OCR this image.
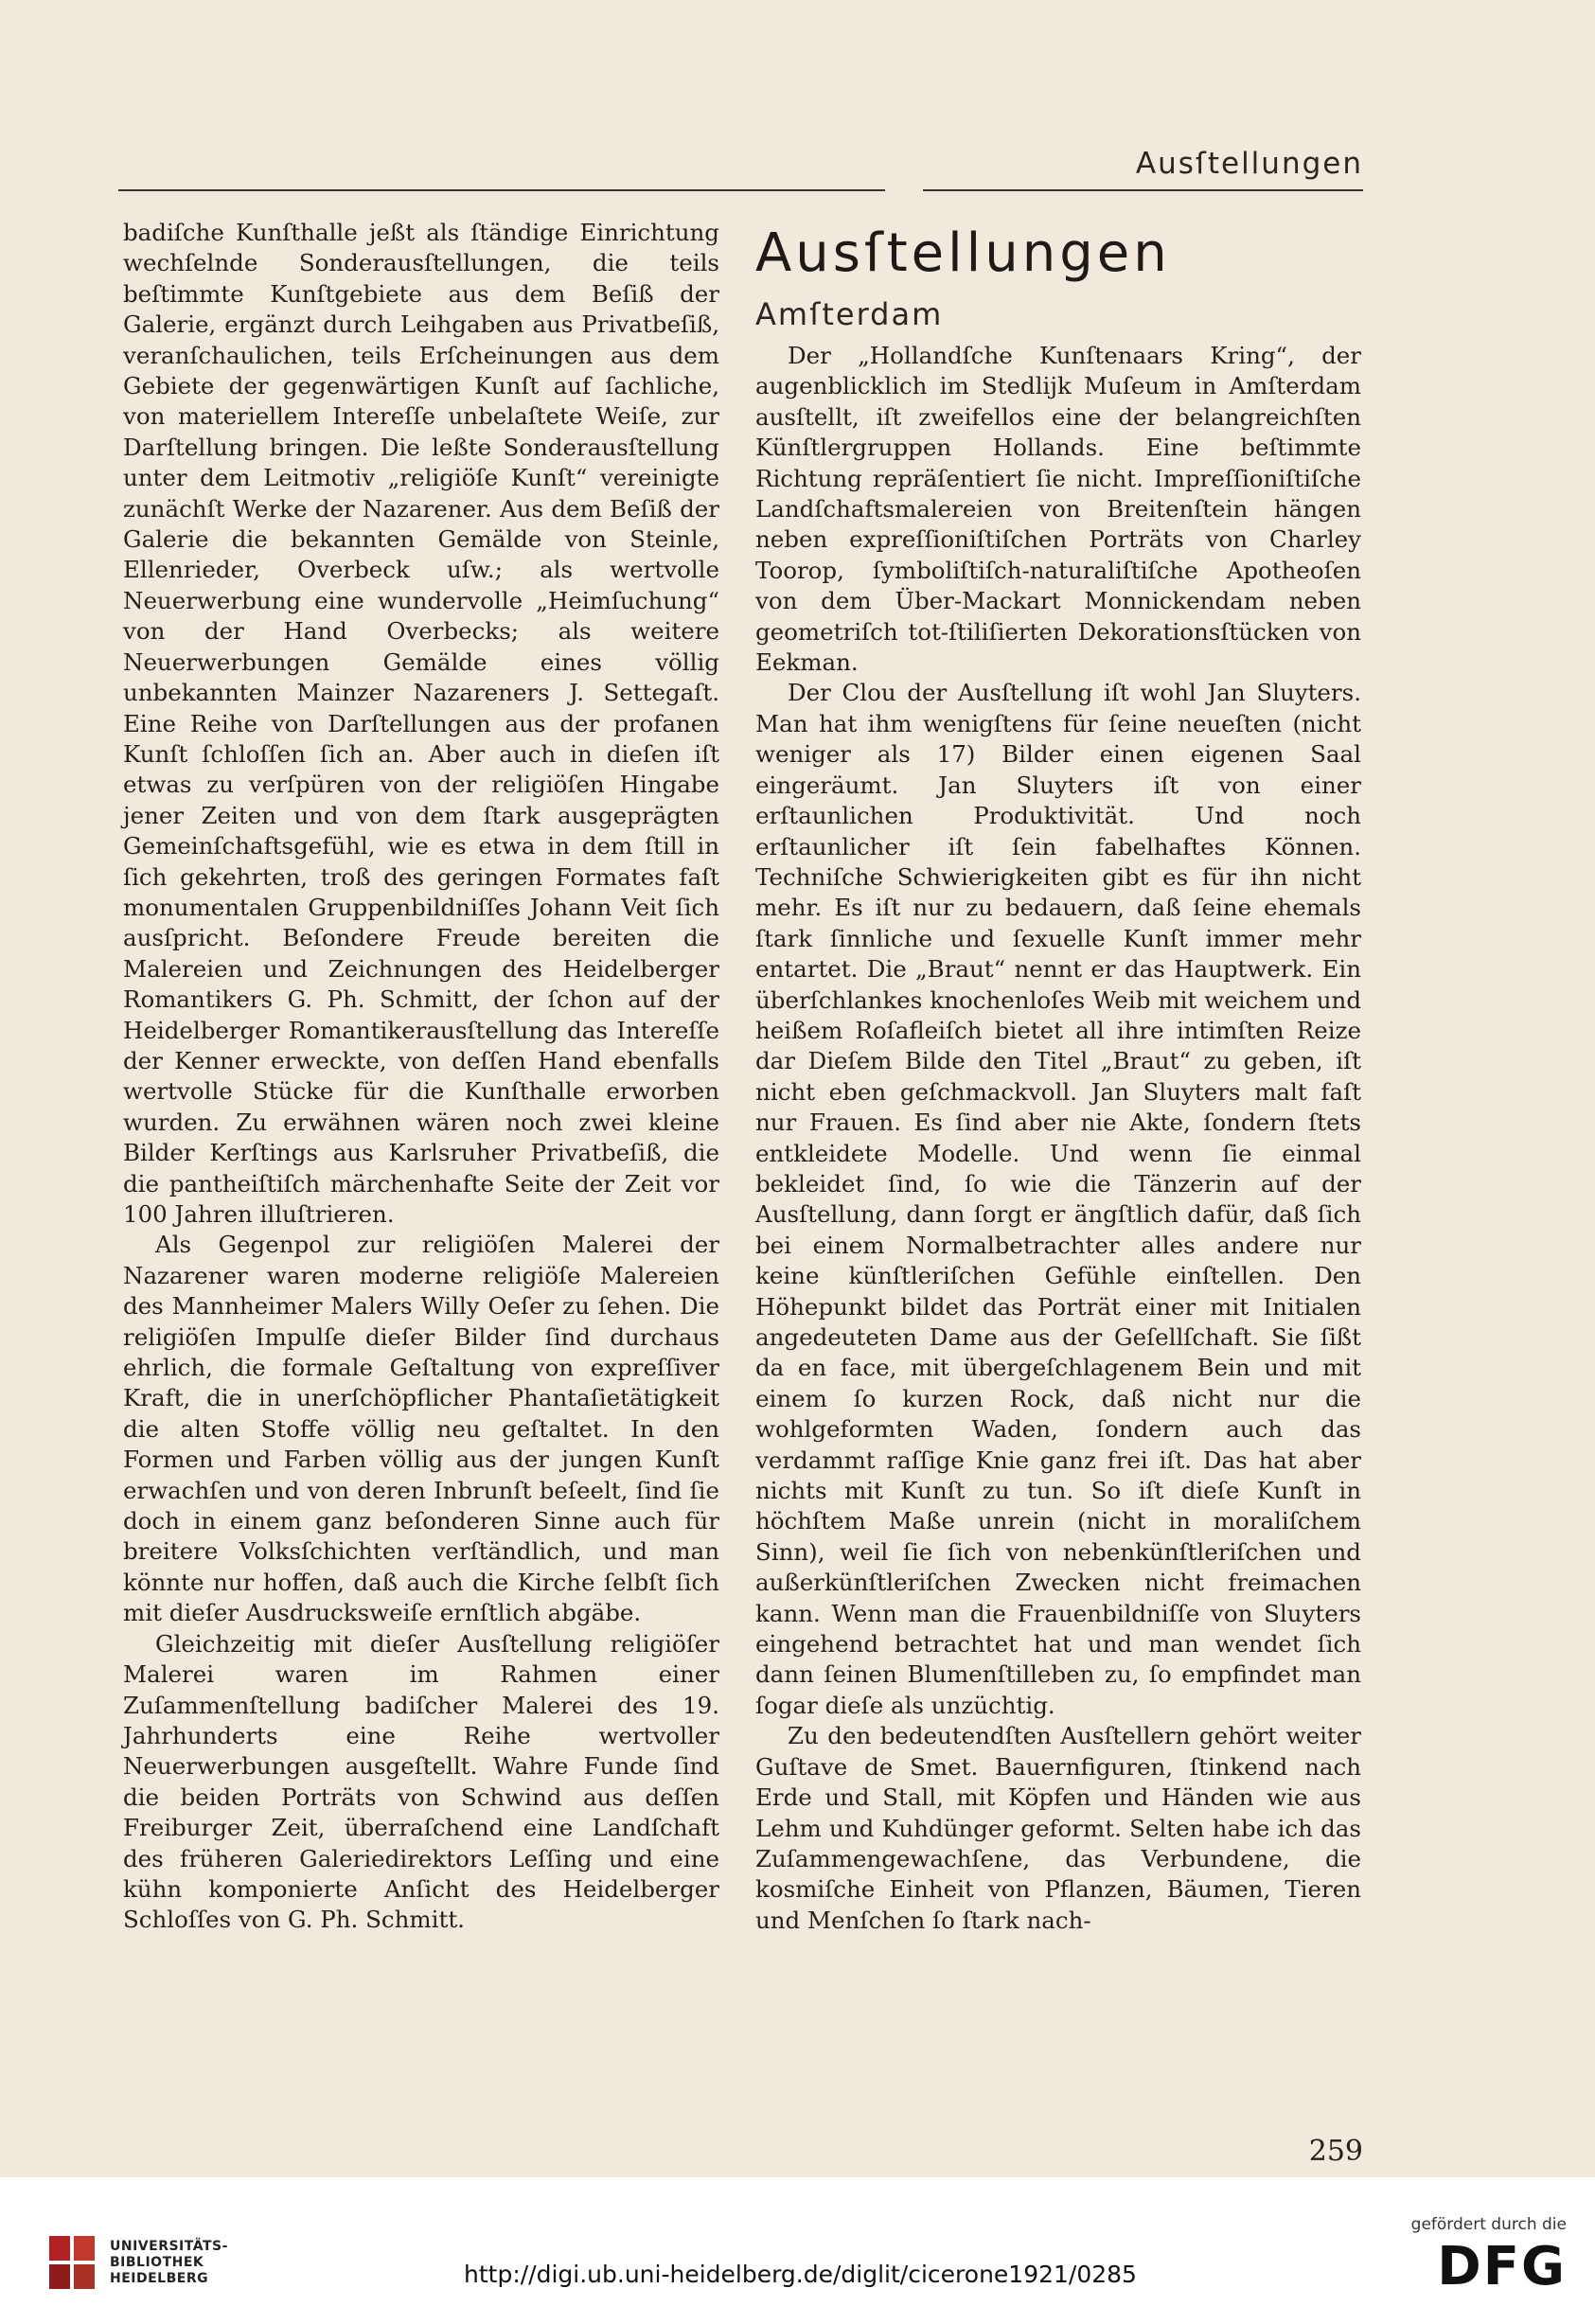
Ausſtellungen

badiſche Kunſthalle jeßt als ſtändige Einrichtung wechſelnde Sonderausſtellungen, die teils beſtimmte Kunſtgebiete aus dem Beſiß der Galerie, ergänzt durch Leihgaben aus Privatbeſiß, veranſchaulichen, teils Erſcheinungen aus dem Gebiete der gegenwärtigen Kunſt auf ſachliche, von materiellem Intereſſe unbelaſtete Weiſe, zur Darſtellung bringen. Die leßte Sonderausſtellung unter dem Leitmotiv „religiöſe Kunſt“ vereinigte zunächſt Werke der Nazarener. Aus dem Beſiß der Galerie die bekannten Gemälde von Steinle, Ellenrieder, Overbeck uſw.; als wertvolle Neuerwerbung eine wundervolle „Heimſuchung“ von der Hand Overbecks; als weitere Neuerwerbungen Gemälde eines völlig unbekannten Mainzer Nazareners J. Settegaſt. Eine Reihe von Darſtellungen aus der profanen Kunſt ſchloſſen ſich an. Aber auch in dieſen iſt etwas zu verſpüren von der religiöſen Hingabe jener Zeiten und von dem ſtark ausgeprägten Gemeinſchaftsgefühl, wie es etwa in dem ſtill in ſich gekehrten, troß des geringen Formates faſt monumentalen Gruppenbildniſſes Johann Veit ſich ausſpricht. Beſondere Freude bereiten die Malereien und Zeichnungen des Heidelberger Romantikers G. Ph. Schmitt, der ſchon auf der Heidelberger Romantikerausſtellung das Intereſſe der Kenner erweckte, von deſſen Hand ebenfalls wertvolle Stücke für die Kunſthalle erworben wurden. Zu erwähnen wären noch zwei kleine Bilder Kerſtings aus Karlsruher Privatbeſiß, die die pantheiſtiſch märchenhafte Seite der Zeit vor 100 Jahren illuſtrieren.

Als Gegenpol zur religiöſen Malerei der Nazarener waren moderne religiöſe Malereien des Mannheimer Malers Willy Oeſer zu ſehen. Die religiöſen Impulſe dieſer Bilder ſind durchaus ehrlich, die formale Geſtaltung von expreſſiver Kraft, die in unerſchöpflicher Phantaſietätigkeit die alten Stoffe völlig neu geſtaltet. In den Formen und Farben völlig aus der jungen Kunſt erwachſen und von deren Inbrunſt beſeelt, ſind ſie doch in einem ganz beſonderen Sinne auch für breitere Volksſchichten verſtändlich, und man könnte nur hoffen, daß auch die Kirche ſelbſt ſich mit dieſer Ausdrucksweiſe ernſtlich abgäbe.

Gleichzeitig mit dieſer Ausſtellung religiöſer Malerei waren im Rahmen einer Zuſammenſtellung badiſcher Malerei des 19. Jahrhunderts eine Reihe wertvoller Neuerwerbungen ausgeſtellt. Wahre Funde ſind die beiden Porträts von Schwind aus deſſen Freiburger Zeit, überraſchend eine Landſchaft des früheren Galeriedirektors Leſſing und eine kühn komponierte Anſicht des Heidelberger Schloſſes von G. Ph. Schmitt.

Ausſtellungen
Amſterdam

Der „Hollandſche Kunſtenaars Kring“, der augenblicklich im Stedlijk Muſeum in Amſterdam ausſtellt, iſt zweifellos eine der belangreichſten Künſtlergruppen Hollands. Eine beſtimmte Richtung repräſentiert ſie nicht. Impreſſioniſtiſche Landſchaftsmalereien von Breitenſtein hängen neben expreſſioniſtiſchen Porträts von Charley Toorop, ſymboliſtiſch-naturaliſtiſche Apotheoſen von dem Über-Mackart Monnickendam neben geometriſch tot-ſtiliſierten Dekorationsſtücken von Eekman.

Der Clou der Ausſtellung iſt wohl Jan Sluyters. Man hat ihm wenigſtens für ſeine neueſten (nicht weniger als 17) Bilder einen eigenen Saal eingeräumt. Jan Sluyters iſt von einer erſtaunlichen Produktivität. Und noch erſtaunlicher iſt ſein fabelhaftes Können. Techniſche Schwierigkeiten gibt es für ihn nicht mehr. Es iſt nur zu bedauern, daß ſeine ehemals ſtark ſinnliche und ſexuelle Kunſt immer mehr entartet. Die „Braut“ nennt er das Hauptwerk. Ein überſchlankes knochenloſes Weib mit weichem und heißem Roſafleiſch bietet all ihre intimſten Reize dar Dieſem Bilde den Titel „Braut“ zu geben, iſt nicht eben geſchmackvoll. Jan Sluyters malt faſt nur Frauen. Es ſind aber nie Akte, ſondern ſtets entkleidete Modelle. Und wenn ſie einmal bekleidet ſind, ſo wie die Tänzerin auf der Ausſtellung, dann ſorgt er ängſtlich dafür, daß ſich bei einem Normalbetrachter alles andere nur keine künſtleriſchen Gefühle einſtellen. Den Höhepunkt bildet das Porträt einer mit Initialen angedeuteten Dame aus der Geſellſchaft. Sie ſißt da en face, mit übergeſchlagenem Bein und mit einem ſo kurzen Rock, daß nicht nur die wohlgeformten Waden, ſondern auch das verdammt raſſige Knie ganz frei iſt. Das hat aber nichts mit Kunſt zu tun. So iſt dieſe Kunſt in höchſtem Maße unrein (nicht in moraliſchem Sinn), weil ſie ſich von nebenkünſtleriſchen und außerkünſtleriſchen Zwecken nicht freimachen kann. Wenn man die Frauenbildniſſe von Sluyters eingehend betrachtet hat und man wendet ſich dann ſeinen Blumenſtilleben zu, ſo empfindet man ſogar dieſe als unzüchtig.

Zu den bedeutendſten Ausſtellern gehört weiter Guſtave de Smet. Bauernfiguren, ſtinkend nach Erde und Stall, mit Köpfen und Händen wie aus Lehm und Kuhdünger geformt. Selten habe ich das Zuſammengewachſene, das Verbundene, die kosmiſche Einheit von Pflanzen, Bäumen, Tieren und Menſchen ſo ſtark nach-

259
UNIVERSITÄTS-
BIBLIOTHEK
HEIDELBERG	http://digi.ub.uni-heidelberg.de/diglit/cicerone1921/0285
gefördert durch die
DFG
